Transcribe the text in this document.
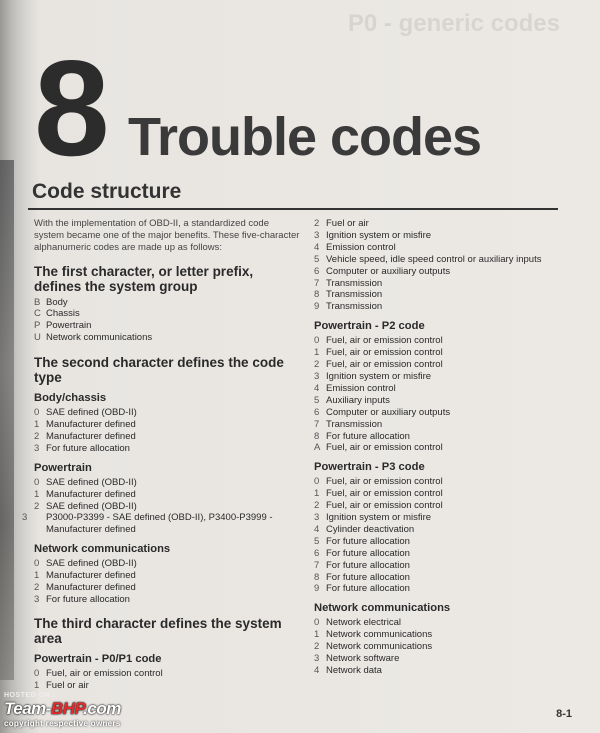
P0 - generic codes
8 Trouble codes
Code structure
With the implementation of OBD-II, a standardized code system became one of the major benefits. These five-character alphanumeric codes are made up as follows:
The first character, or letter prefix, defines the system group
B Body
C Chassis
P Powertrain
U Network communications
The second character defines the code type
Body/chassis
0 SAE defined (OBD-II)
1 Manufacturer defined
2 Manufacturer defined
3 For future allocation
Powertrain
0 SAE defined (OBD-II)
1 Manufacturer defined
2 SAE defined (OBD-II)
3 P3000-P3399 - SAE defined (OBD-II), P3400-P3999 - Manufacturer defined
Network communications
0 SAE defined (OBD-II)
1 Manufacturer defined
2 Manufacturer defined
3 For future allocation
The third character defines the system area
Powertrain - P0/P1 code
0 Fuel, air or emission control
1 Fuel or air
2 Fuel or air
3 Ignition system or misfire
4 Emission control
5 Vehicle speed, idle speed control or auxiliary inputs
6 Computer or auxiliary outputs
7 Transmission
8 Transmission
9 Transmission
Powertrain - P2 code
0 Fuel, air or emission control
1 Fuel, air or emission control
2 Fuel, air or emission control
3 Ignition system or misfire
4 Emission control
5 Auxiliary inputs
6 Computer or auxiliary outputs
7 Transmission
8 For future allocation
A Fuel, air or emission control
Powertrain - P3 code
0 Fuel, air or emission control
1 Fuel, air or emission control
2 Fuel, air or emission control
3 Ignition system or misfire
4 Cylinder deactivation
5 For future allocation
6 For future allocation
7 For future allocation
8 For future allocation
9 For future allocation
Network communications
0 Network electrical
1 Network communications
2 Network communications
3 Network software
4 Network data
8-1
HOSTED ON :
Team-BHP.com
copyright respective owners
